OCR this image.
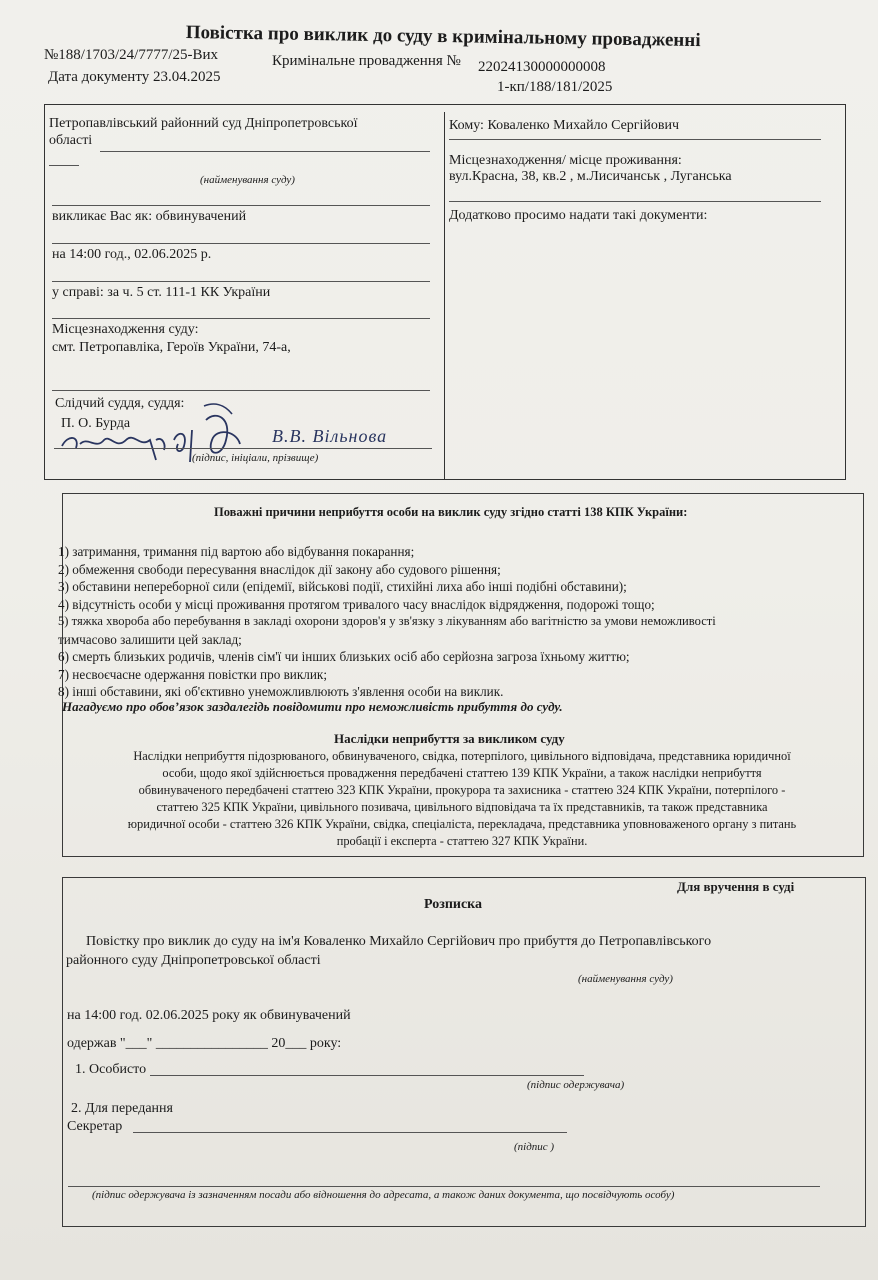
Повістка про виклик до суду в кримінальному провадженні
№188/1703/24/7777/25-Вих	Кримінальне провадження № 22024130000000008
Дата документу 23.04.2025
1-кп/188/181/2025
Петропавлівський районний суд Дніпропетровської
області
(найменування суду)
викликає Вас як: обвинувачений
на 14:00 год., 02.06.2025 р.
у справі: за ч. 5 ст. 111-1 КК України
Місцезнаходження суду:
смт. Петропавліка, Героїв України, 74-а,
Слідчий суддя, суддя:
П. О. Бурда
В.В. Вільнова
(підпис, ініціали, прізвище)
Кому: Коваленко Михайло Сергійович
Місцезнаходження/ місце проживання:
вул.Красна, 38, кв.2 , м.Лисичанськ , Луганська
Додатково просимо надати такі документи:
Поважні причини неприбуття особи на виклик суду згідно статті 138 КПК України:

1) затримання, тримання під вартою або відбування покарання;

2) обмеження свободи пересування внаслідок дії закону або судового рішення;

3) обставини непереборної сили (епідемії, військові події, стихійні лиха або інші подібні обставини);

4) відсутність особи у місці проживання протягом тривалого часу внаслідок відрядження, подорожі тощо;

5) тяжка хвороба або перебування в закладі охорони здоров'я у зв'язку з лікуванням або вагітністю за умови неможливості

тимчасово залишити цей заклад;

6) смерть близьких родичів, членів сім'ї чи інших близьких осіб або серйозна загроза їхньому життю;

7) несвоєчасне одержання повістки про виклик;

8) інші обставини, які об'єктивно унеможливлюють з'явлення особи на виклик.

Нагадуємо про обов’язок заздалегідь повідомити про неможливість прибуття до суду.
Наслідки неприбуття за викликом суду

Наслідки неприбуття підозрюваного, обвинуваченого, свідка, потерпілого, цивільного відповідача, представника юридичної

особи, щодо якої здійснюється провадження передбачені статтею 139 КПК України, а також наслідки неприбуття

обвинуваченого передбачені статтею 323 КПК України, прокурора та захисника - статтею 324 КПК України, потерпілого -

статтею 325 КПК України, цивільного позивача, цивільного відповідача та їх представників, та також представника

юридичної особи - статтею 326 КПК України, свідка, спеціаліста, перекладача, представника уповноваженого органу з питань

пробації і експерта - статтею 327 КПК України.

Для вручення в суді
Розписка
Повістку про виклик до суду на ім'я Коваленко Михайло Сергійович про прибуття до Петропавлівського
районного суду Дніпропетровської області
(найменування суду)
на 14:00 год. 02.06.2025 року як обвинувачений
одержав "___" ________________ 20___ року:
1. Особисто
(підпис одержувача)
2. Для передання
Секретар
(підпис )
(підпис одержувача із зазначенням посади або відношення до адресата, а також даних документа, що посвідчують особу)
